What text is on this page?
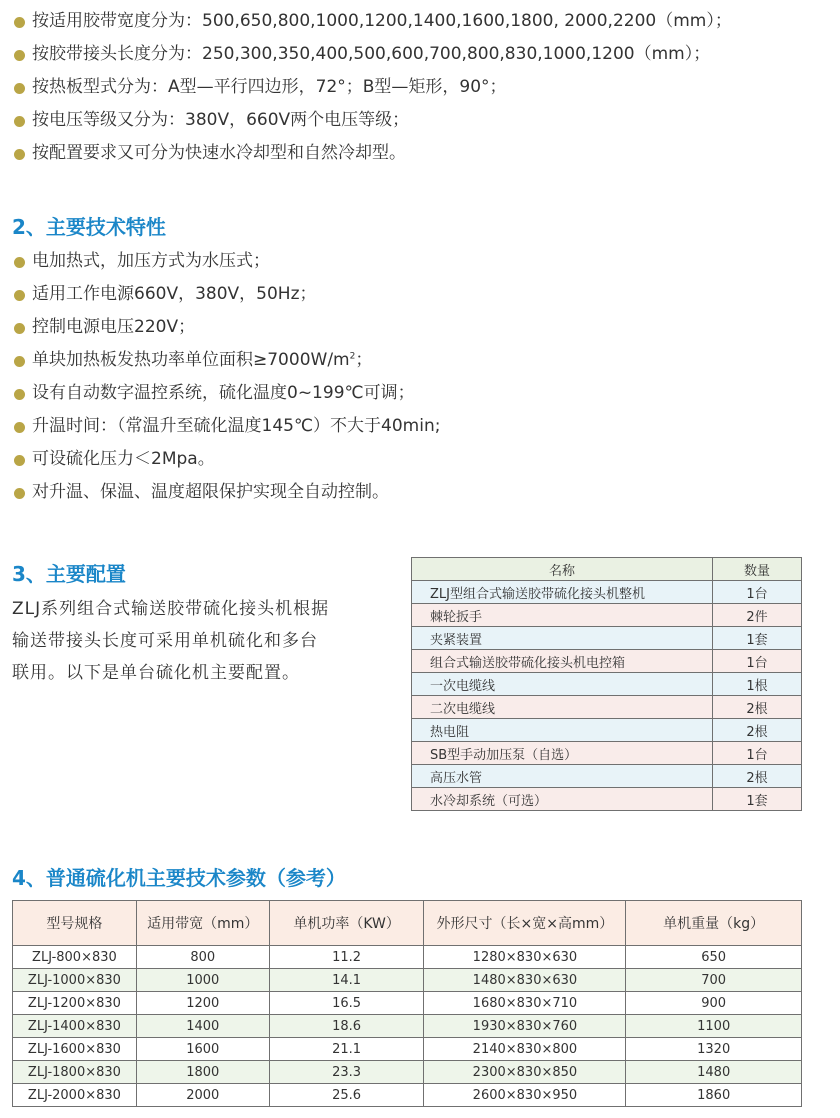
按适用胶带宽度分为：500,650,800,1000,1200,1400,1600,1800, 2000,2200（mm）；
按胶带接头长度分为：250,300,350,400,500,600,700,800,830,1000,1200（mm）；
按热板型式分为：A型—平行四边形，72°；B型—矩形，90°；
按电压等级又分为：380V，660V两个电压等级；
按配置要求又可分为快速水冷却型和自然冷却型。
2、主要技术特性
电加热式，加压方式为水压式；
适用工作电源660V，380V，50Hz；
控制电源电压220V；
单块加热板发热功率单位面积$\ge 7000W/m^2$；
设有自动数字温控系统，硫化温度0~199℃可调；
升温时间：（常温升至硫化温度145℃）不大于40min;
可设硫化压力＜2Mpa。
对升温、保温、温度超限保护实现全自动控制。
3、主要配置
ZLJ系列组合式输送胶带硫化接头机根据
输送带接头长度可采用单机硫化和多台
联用。以下是单台硫化机主要配置。
名称	数量
ZLJ型组合式输送胶带硫化接头机整机	1台
棘轮扳手	2件
夹紧装置	1套
组合式输送胶带硫化接头机电控箱	1台
一次电缆线	1根
二次电缆线	2根
热电阻	2根
SB型手动加压泵（自选）	1台
高压水管	2根
水冷却系统（可选）	1套
4、普通硫化机主要技术参数（参考）
型号规格	适用带宽（mm）	单机功率（KW）	外形尺寸（长×宽×高mm）	单机重量（kg）
ZLJ-800×830	800	11.2	1280×830×630	650
ZLJ-1000×830	1000	14.1	1480×830×630	700
ZLJ-1200×830	1200	16.5	1680×830×710	900
ZLJ-1400×830	1400	18.6	1930×830×760	1100
ZLJ-1600×830	1600	21.1	2140×830×800	1320
ZLJ-1800×830	1800	23.3	2300×830×850	1480
ZLJ-2000×830	2000	25.6	2600×830×950	1860
